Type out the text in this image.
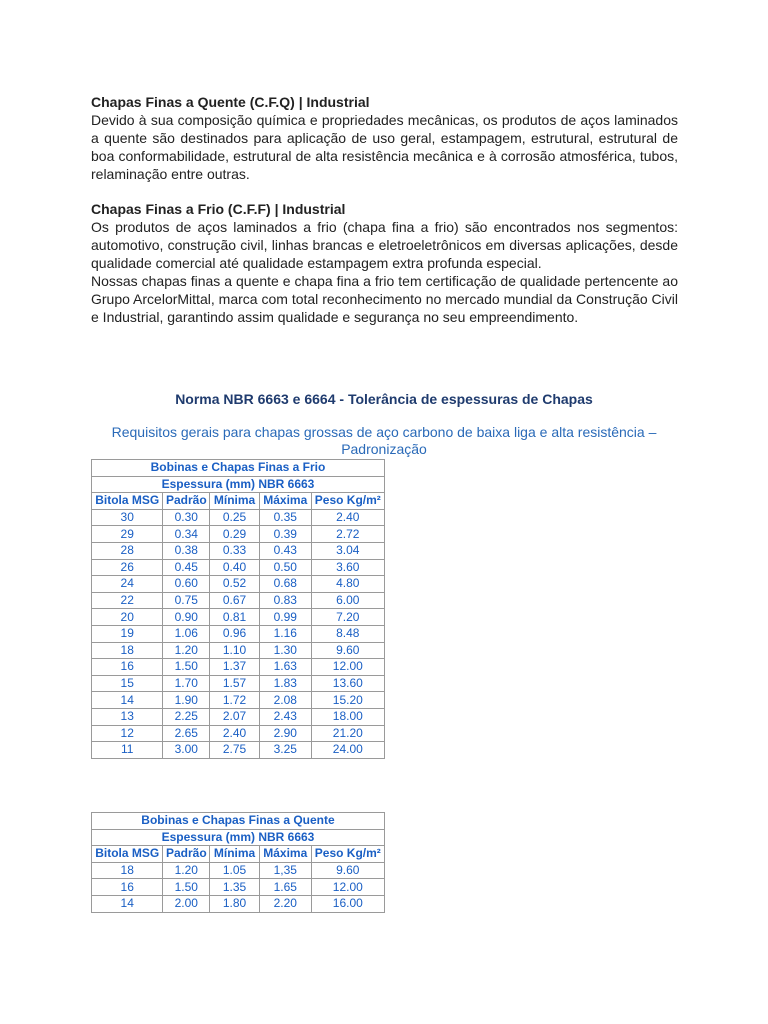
Chapas Finas a Quente (C.F.Q) | Industrial

Devido à sua composição química e propriedades mecânicas, os produtos de aços laminados a quente são destinados para aplicação de uso geral, estampagem, estrutural, estrutural de boa conformabilidade, estrutural de alta resistência mecânica e à corrosão atmosférica, tubos, relaminação entre outras.

Chapas Finas a Frio (C.F.F) | Industrial

Os produtos de aços laminados a frio (chapa fina a frio) são encontrados nos segmentos: automotivo, construção civil, linhas brancas e eletroeletrônicos em diversas aplicações, desde qualidade comercial até qualidade estampagem extra profunda especial.

Nossas chapas finas a quente e chapa fina a frio tem certificação de qualidade pertencente ao Grupo ArcelorMittal, marca com total reconhecimento no mercado mundial da Construção Civil e Industrial, garantindo assim qualidade e segurança no seu empreendimento.

Norma NBR 6663 e 6664 - Tolerância de espessuras de Chapas
Requisitos gerais para chapas grossas de aço carbono de baixa liga e alta resistência – Padronização
Bobinas e Chapas Finas a Frio				
Espessura (mm) NBR 6663				
Bitola MSG	Padrão	Mínima	Máxima	Peso Kg/m²
30	0.30	0.25	0.35	2.40
29	0.34	0.29	0.39	2.72
28	0.38	0.33	0.43	3.04
26	0.45	0.40	0.50	3.60
24	0.60	0.52	0.68	4.80
22	0.75	0.67	0.83	6.00
20	0.90	0.81	0.99	7.20
19	1.06	0.96	1.16	8.48
18	1.20	1.10	1.30	9.60
16	1.50	1.37	1.63	12.00
15	1.70	1.57	1.83	13.60
14	1.90	1.72	2.08	15.20
13	2.25	2.07	2.43	18.00
12	2.65	2.40	2.90	21.20
11	3.00	2.75	3.25	24.00
Bobinas e Chapas Finas a Quente				
Espessura (mm) NBR 6663				
Bitola MSG	Padrão	Mínima	Máxima	Peso Kg/m²
18	1.20	1.05	1,35	9.60
16	1.50	1.35	1.65	12.00
14	2.00	1.80	2.20	16.00
